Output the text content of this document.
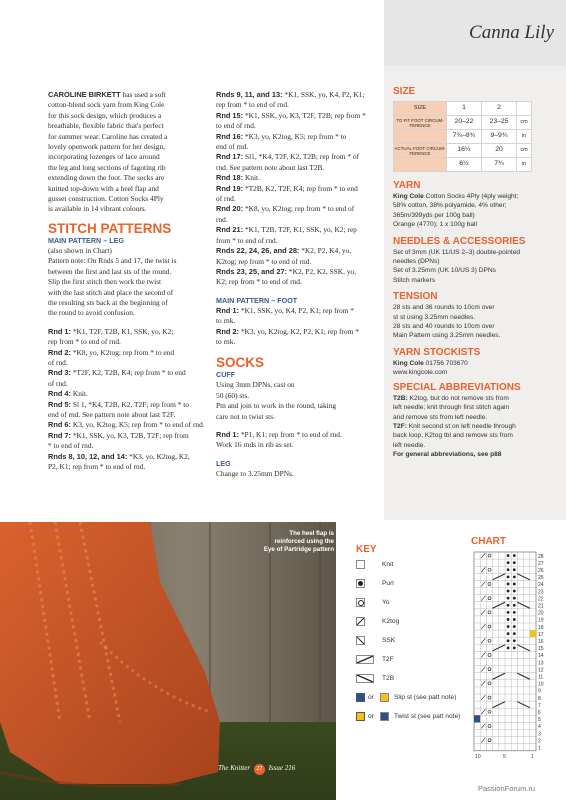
Canna Lily
CAROLINE BIRKETT has used a soft
cotton-blend sock yarn from King Cole
for this sock design, which produces a
breathable, flexible fabric that's perfect
for summer wear. Caroline has created a
lovely openwork pattern for her design,
incorporating lozenges of lace around
the leg and long sections of fagoting rib
extending down the foot. The socks are
knitted top-down with a heel flap and
gusset construction. Cotton Socks 4Ply
is available in 14 vibrant colours.
STITCH PATTERNS
MAIN PATTERN – LEG
(also shown in Chart)
Pattern note: On Rnds 5 and 17, the twist is
between the first and last sts of the round.
Slip the first stitch then work the twist
with the last stitch and place the second of
the resulting sts back at the beginning of
the round to avoid confusion.
Rnd 1: *K1, T2F, T2B, K1, SSK, yo, K2;
rep from * to end of rnd.
Rnd 2: *K8, yo, K2tog; rep from * to end
of rnd.
Rnd 3: *T2F, K2, T2B, K4; rep from * to end
of rnd.
Rnd 4: Knit.
Rnd 5: Sl 1, *K4, T2B, K2, T2F; rep from * to
end of rnd. See pattern note about last T2F.
Rnd 6: K3, yo, K2tog, K5; rep from * to end of rnd.
Rnd 7: *K1, SSK, yo, K3, T2B, T2F; rep from
* to end of rnd.
Rnds 8, 10, 12, and 14: *K3, yo, K2tog, K2,
P2, K1; rep from * to end of rnd.
Rnds 9, 11, and 13: *K1, SSK, yo, K4, P2, K1;
rep from * to end of rnd.
Rnd 15: *K1, SSK, yo, K3, T2F, T2B; rep from *
to end of rnd.
Rnd 16: *K3, yo, K2tog, K5; rep from * to
end of rnd.
Rnd 17: Sl1, *K4, T2F, K2, T2B; rep from * of
rnd. See pattern note about last T2B.
Rnd 18: Knit.
Rnd 19: *T2B, K2, T2F, K4; rep from * to end
of rnd.
Rnd 20: *K8, yo, K2tog; rep from * to end of
rnd.
Rnd 21: *K1, T2B, T2F, K1, SSK, yo, K2; rep
from * to end of rnd.
Rnds 22, 24, 26, and 28: *K2, P2, K4, yo,
K2tog; rep from * to end of rnd.
Rnds 23, 25, and 27: *K2, P2, K2, SSK, yo,
K2; rep from * to end of rnd.
MAIN PATTERN – FOOT
Rnd 1: *K1, SSK, yo, K4, P2, K1; rep from *
to rnk.
Rnd 2: *K3, yo, K2tog, K2, P2, K1; rep from *
to rnk.
SOCKS
CUFF
Using 3mm DPNs, cast on
50 (60) sts.
Pm and join to work in the round, taking
care not to twist sts.
Rnd 1: *P1, K1; rep from * to end of rnd.
Work 16 rnds in rib as set.
LEG
Change to 3.25mm DPNs.
SIZE
SIZE	1	2	
TO FIT FOOT CIRCUM-FERENCE	20–22	23–25	cm
	7¾–8¾	9–9¾	in
ACTUAL FOOT CIRCUM-FERENCE	16½	20	cm
	6½	7¾	in
YARN
King Cole Cotton Socks 4Ply (4ply weight;
58% cotton, 38% polyamide, 4% other;
365m/399yds per 100g ball)
Orange (4770); 1 x 100g ball
NEEDLES & ACCESSORIES
Set of 3mm (UK 11/US 2–3) double-pointed
needles (DPNs)
Set of 3.25mm (UK 10/US 3) DPNs
Stitch markers
TENSION
28 sts and 36 rounds to 10cm over
st st using 3.25mm needles.
28 sts and 40 rounds to 10cm over
Main Pattern using 3.25mm needles.
YARN STOCKISTS
King Cole 01756 703670
www.kingcole.com
SPECIAL ABBREVIATIONS
T2B: K2tog, but do not remove sts from
left needle; knit through first stitch again
and remove sts from left needle.
T2F: Knit second st on left needle through
back loop, K2tog tbl and remove sts from
left needle.
For general abbreviations, see p88
The heel flap is reinforced using the Eye of Partridge pattern KEY
Knit
Purl
Yo
K2tog
SSK
T2F
T2B
or	Slip st (see patt note)
or	Twist st (see patt note)
CHART
28
27
26
25
24
23
22
21
20
19
18
17
16
15
14
13
12
11
10
9
8
7
6
5
4
3
2
1
10	5	1
The Knitter 27 Issue 216
PassionForum.ru
